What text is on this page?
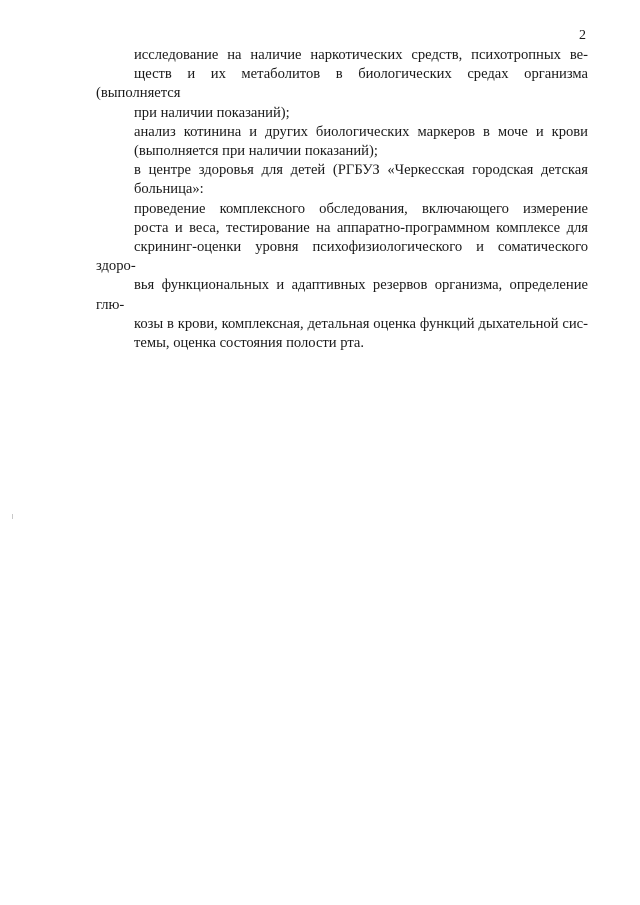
2
исследование на наличие наркотических средств, психотропных ве-
ществ и их метаболитов в биологических средах организма (выполняется
при наличии показаний);
анализ котинина и других биологических маркеров в моче и крови
(выполняется при наличии показаний);
в центре здоровья для детей (РГБУЗ «Черкесская городская детская
больница»:
проведение комплексного обследования, включающего измерение
роста и веса, тестирование на аппаратно-программном комплексе для
скрининг-оценки уровня психофизиологического и соматического здоро-
вья функциональных и адаптивных резервов организма, определение глю-
козы в крови, комплексная, детальная оценка функций дыхательной сис-
темы, оценка состояния полости рта.
